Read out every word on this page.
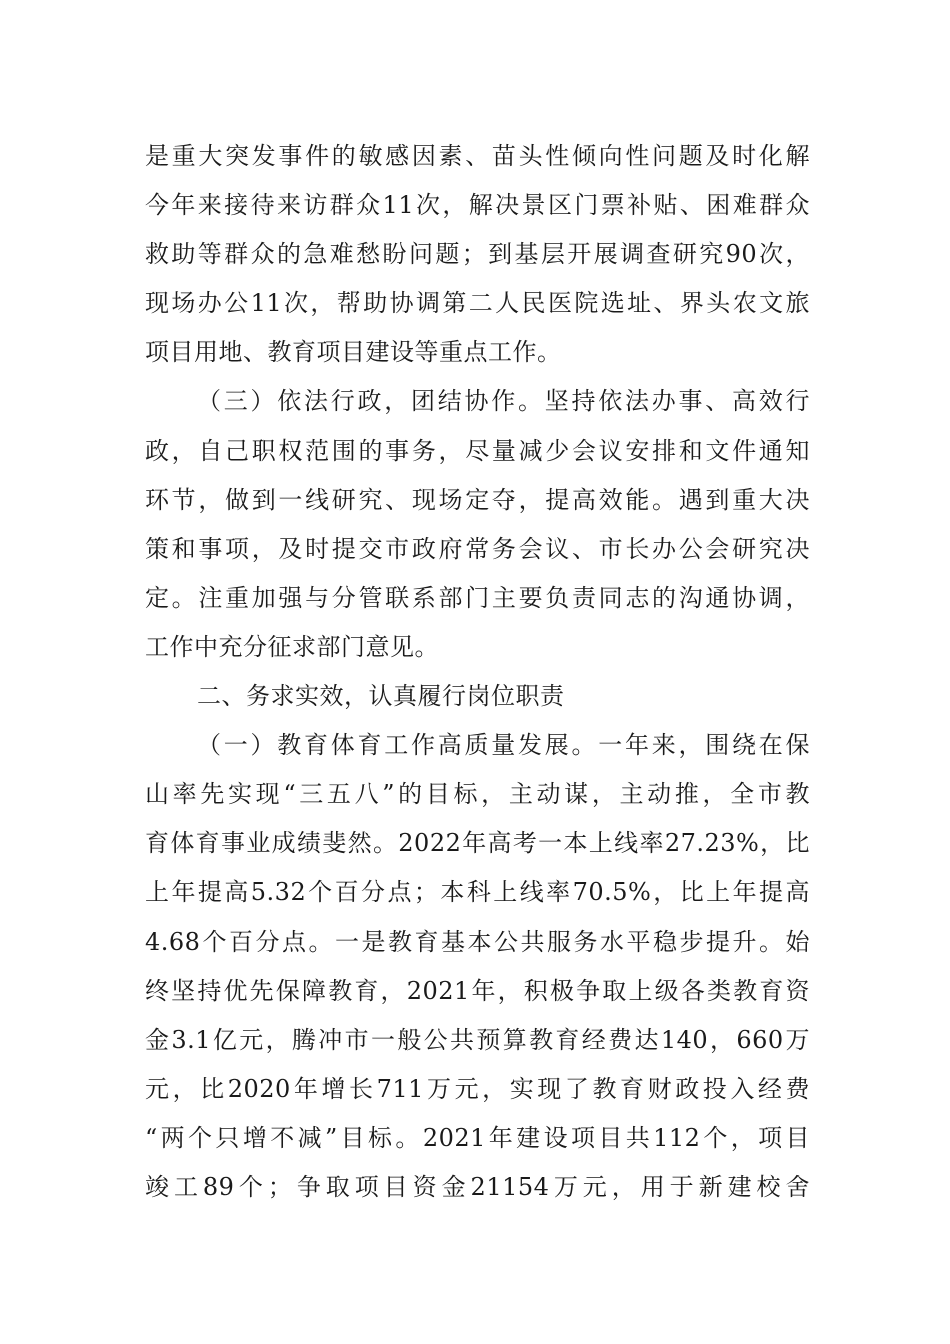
是重大突发事件的敏感因素、苗头性倾向性问题及时化解
今年来接待来访群众11次，解决景区门票补贴、困难群众
救助等群众的急难愁盼问题；到基层开展调查研究90次，
现场办公11次，帮助协调第二人民医院选址、界头农文旅
项目用地、教育项目建设等重点工作。
（三）依法行政，团结协作。坚持依法办事、高效行
政，自己职权范围的事务，尽量减少会议安排和文件通知
环节，做到一线研究、现场定夺，提高效能。遇到重大决
策和事项，及时提交市政府常务会议、市长办公会研究决
定。注重加强与分管联系部门主要负责同志的沟通协调，
工作中充分征求部门意见。
二、务求实效，认真履行岗位职责
（一）教育体育工作高质量发展。一年来，围绕在保
山率先实现“三五八”的目标，主动谋，主动推，全市教
育体育事业成绩斐然。2022年高考一本上线率27.23%，比
上年提高5.32个百分点；本科上线率70.5%，比上年提高
4.68个百分点。一是教育基本公共服务水平稳步提升。始
终坚持优先保障教育，2021年，积极争取上级各类教育资
金3.1亿元，腾冲市一般公共预算教育经费达140，660万
元，比2020年增长711万元，实现了教育财政投入经费
“两个只增不减”目标。2021年建设项目共112个，项目
竣工89个；争取项目资金21154万元，用于新建校舍
